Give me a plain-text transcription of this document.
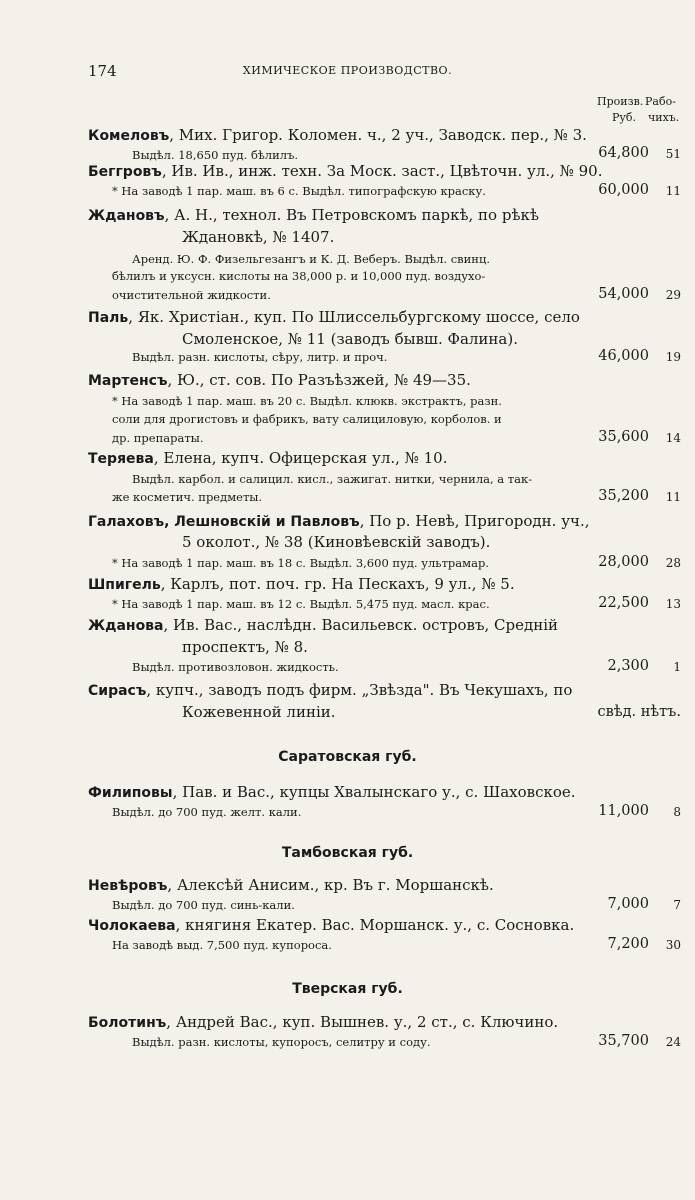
174	ХИМИЧЕСКОЕ ПРОИЗВОДСТВО.
Произв. Рабо-
Руб. чихъ.
Комеловъ, Мих. Григор. Коломен. ч., 2 уч., Заводск. пер., № 3.
Выдѣл. 18,650 пуд. бѣлилъ.	64,800 51
Беггровъ, Ив. Ив., инж. техн. За Моск. заст., Цвѣточн. ул., № 90.
* На заводѣ 1 пар. маш. въ 6 с. Выдѣл. типографскую краску.	60,000 11
Ждановъ, А. Н., технол. Въ Петровскомъ паркѣ, по рѣкѣ
Ждановкѣ, № 1407.
Аренд. Ю. Ф. Физельгезангъ и К. Д. Веберъ. Выдѣл. свинц.
бѣлилъ и уксусн. кислоты на 38,000 р. и 10,000 пуд. воздухо-
очистительной жидкости.	54,000 29
Паль, Як. Христіан., куп. По Шлиссельбургскому шоссе, село
Смоленское, № 11 (заводъ бывш. Фалина).
Выдѣл. разн. кислоты, сѣру, литр. и проч.	46,000 19
Мартенсъ, Ю., ст. сов. По Разъѣзжей, № 49—35.
* На заводѣ 1 пар. маш. въ 20 с. Выдѣл. клюкв. экстрактъ, разн.
соли для дрогистовъ и фабрикъ, вату салициловую, корболов. и
др. препараты.	35,600 14
Теряева, Елена, купч. Офицерская ул., № 10.
Выдѣл. карбол. и салицил. кисл., зажигат. нитки, чернила, а так-
же косметич. предметы.	35,200 11
Галаховъ, Лешновскій и Павловъ, По р. Невѣ, Пригородн. уч.,
5 околот., № 38 (Киновѣевскій заводъ).
* На заводѣ 1 пар. маш. въ 18 с. Выдѣл. 3,600 пуд. ультрамар.	28,000 28
Шпигель, Карлъ, пот. поч. гр. На Пескахъ, 9 ул., № 5.
* На заводѣ 1 пар. маш. въ 12 с. Выдѣл. 5,475 пуд. масл. крас.	22,500 13
Жданова, Ив. Вас., наслѣдн. Васильевск. островъ, Средній
проспектъ, № 8.
Выдѣл. противозловон. жидкость.	2,300 1
Сирасъ, купч., заводъ подъ фирм. „Звѣзда". Въ Чекушахъ, по
Кожевенной линіи.	свѣд. нѣтъ.
Саратовская губ.
Филиповы, Пав. и Вас., купцы Хвалынскаго у., с. Шаховское.
Выдѣл. до 700 пуд. желт. кали.	11,000 8
Тамбовская губ.
Невѣровъ, Алексѣй Анисим., кр. Въ г. Моршанскѣ.
Выдѣл. до 700 пуд. синь-кали.	7,000 7
Чолокаева, княгиня Екатер. Вас. Моршанск. у., с. Сосновка.
На заводѣ выд. 7,500 пуд. купороса.	7,200 30
Тверская губ.
Болотинъ, Андрей Вас., куп. Вышнев. у., 2 ст., с. Ключино.
Выдѣл. разн. кислоты, купоросъ, селитру и соду.	35,700 24
